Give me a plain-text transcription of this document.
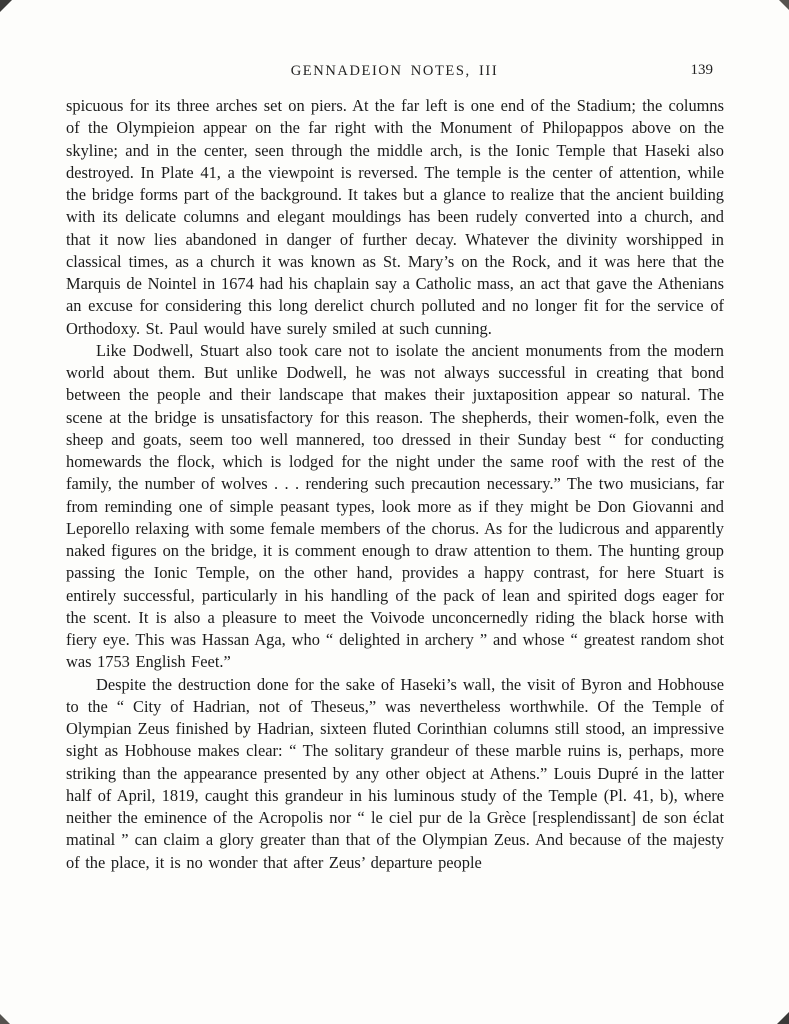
GENNADEION NOTES, III	139

spicuous for its three arches set on piers. At the far left is one end of the Stadium; the columns of the Olympieion appear on the far right with the Monument of Philopappos above on the skyline; and in the center, seen through the middle arch, is the Ionic Temple that Haseki also destroyed. In Plate 41, a the viewpoint is reversed. The temple is the center of attention, while the bridge forms part of the background. It takes but a glance to realize that the ancient building with its delicate columns and elegant mouldings has been rudely converted into a church, and that it now lies abandoned in danger of further decay. Whatever the divinity worshipped in classical times, as a church it was known as St. Mary’s on the Rock, and it was here that the Marquis de Nointel in 1674 had his chaplain say a Catholic mass, an act that gave the Athenians an excuse for considering this long derelict church polluted and no longer fit for the service of Orthodoxy. St. Paul would have surely smiled at such cunning.

Like Dodwell, Stuart also took care not to isolate the ancient monuments from the modern world about them. But unlike Dodwell, he was not always successful in creating that bond between the people and their landscape that makes their juxtaposition appear so natural. The scene at the bridge is unsatisfactory for this reason. The shepherds, their women-folk, even the sheep and goats, seem too well mannered, too dressed in their Sunday best “ for conducting homewards the flock, which is lodged for the night under the same roof with the rest of the family, the number of wolves . . . rendering such precaution necessary.” The two musicians, far from reminding one of simple peasant types, look more as if they might be Don Giovanni and Leporello relaxing with some female members of the chorus. As for the ludicrous and apparently naked figures on the bridge, it is comment enough to draw attention to them. The hunting group passing the Ionic Temple, on the other hand, provides a happy contrast, for here Stuart is entirely successful, particularly in his handling of the pack of lean and spirited dogs eager for the scent. It is also a pleasure to meet the Voivode unconcernedly riding the black horse with fiery eye. This was Hassan Aga, who “ delighted in archery ” and whose “ greatest random shot was 1753 English Feet.”

Despite the destruction done for the sake of Haseki’s wall, the visit of Byron and Hobhouse to the “ City of Hadrian, not of Theseus,” was nevertheless worthwhile. Of the Temple of Olympian Zeus finished by Hadrian, sixteen fluted Corinthian columns still stood, an impressive sight as Hobhouse makes clear: “ The solitary grandeur of these marble ruins is, perhaps, more striking than the appearance presented by any other object at Athens.” Louis Dupré in the latter half of April, 1819, caught this grandeur in his luminous study of the Temple (Pl. 41, b), where neither the eminence of the Acropolis nor “ le ciel pur de la Grèce [resplendissant] de son éclat matinal ” can claim a glory greater than that of the Olympian Zeus. And because of the majesty of the place, it is no wonder that after Zeus’ departure people
